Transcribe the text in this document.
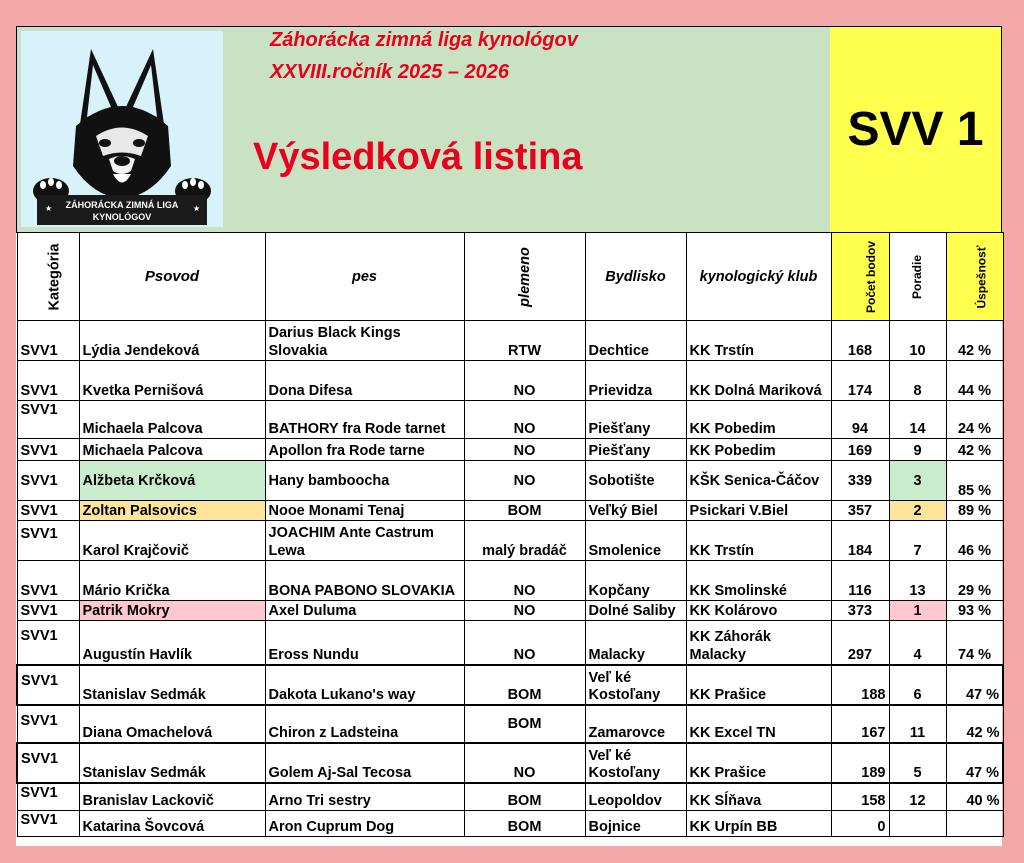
★	★
ZÁHORÁCKA ZIMNÁ LIGA
KYNOLÓGOV
Záhorácka zimná liga kynológov
XXVIII.ročník 2025 – 2026
Výsledková listina
SVV 1
Kategória	Psovod	pes	plemeno	Bydlisko	kynologický klub	Počet bodov	Poradie	Úspešnosť
SVV1	Lýdia Jendeková	Darius Black Kings Slovakia	RTW	Dechtice	KK Trstín	168	10	42 %
SVV1	Kvetka Pernišová	Dona Difesa	NO	Prievidza	KK Dolná Mariková	174	8	44 %
SVV1	Michaela Palcova	BATHORY fra Rode tarnet	NO	Piešťany	KK Pobedim	94	14	24 %
SVV1	Michaela Palcova	Apollon fra Rode tarne	NO	Piešťany	KK Pobedim	169	9	42 %
SVV1	Alžbeta Krčková	Hany bamboocha	NO	Sobotište	KŠK Senica-Čáčov	339	3	85 %
SVV1	Zoltan Palsovics	Nooe Monami Tenaj	BOM	Veľký Biel	Psickari V.Biel	357	2	89 %
SVV1	Karol Krajčovič	JOACHIM Ante Castrum Lewa	malý bradáč	Smolenice	KK Trstín	184	7	46 %
SVV1	Mário Krička	BONA PABONO SLOVAKIA	NO	Kopčany	KK Smolinské	116	13	29 %
SVV1	Patrik Mokry	Axel Duluma	NO	Dolné Saliby	KK Kolárovo	373	1	93 %
SVV1	Augustín Havlík	Eross Nundu	NO	Malacky	KK Záhorák Malacky	297	4	74 %
SVV1	Stanislav Sedmák	Dakota Lukano's way	BOM	Veľ ké Kostoľany	KK Prašice	188	6	47 %
SVV1	Diana Omachelová	Chiron z Ladsteina	BOM	Zamarovce	KK Excel TN	167	11	42 %
SVV1	Stanislav Sedmák	Golem Aj-Sal Tecosa	NO	Veľ ké Kostoľany	KK Prašice	189	5	47 %
SVV1	Branislav Lackovič	Arno Tri sestry	BOM	Leopoldov	KK Sĺňava	158	12	40 %
SVV1	Katarina Šovcová	Aron Cuprum Dog	BOM	Bojnice	KK Urpín BB	0		
